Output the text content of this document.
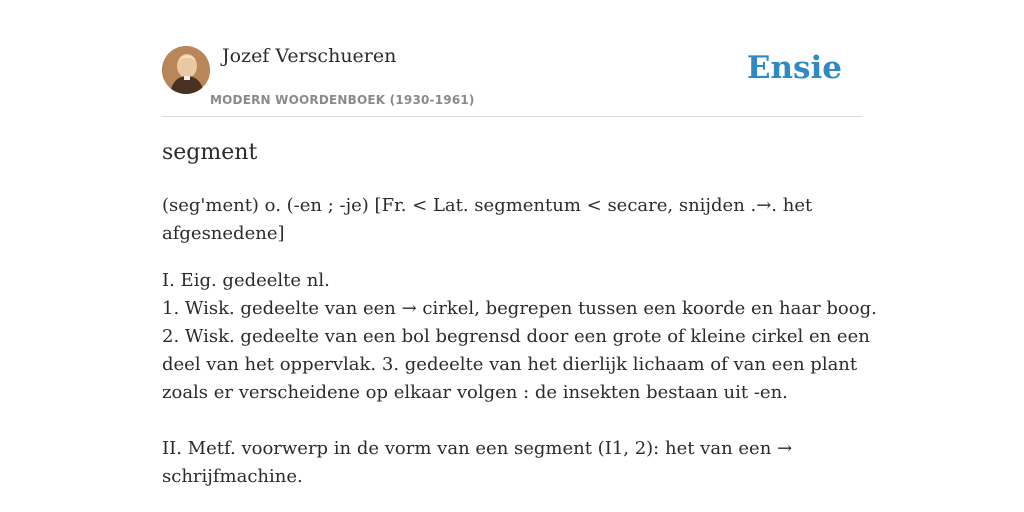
Jozef Verschueren
MODERN WOORDENBOEK (1930-1961)
Ensie
segment
(seg'ment) o. (-en ; -je) [Fr. < Lat. segmentum < secare, snijden .→. het
afgesnedene]
I. Eig. gedeelte nl.
1. Wisk. gedeelte van een → cirkel, begrepen tussen een koorde en haar boog.
2. Wisk. gedeelte van een bol begrensd door een grote of kleine cirkel en een
deel van het oppervlak. 3. gedeelte van het dierlijk lichaam of van een plant
zoals er verscheidene op elkaar volgen : de insekten bestaan uit -en.
II. Metf. voorwerp in de vorm van een segment (I1, 2): het van een →
schrijfmachine.
